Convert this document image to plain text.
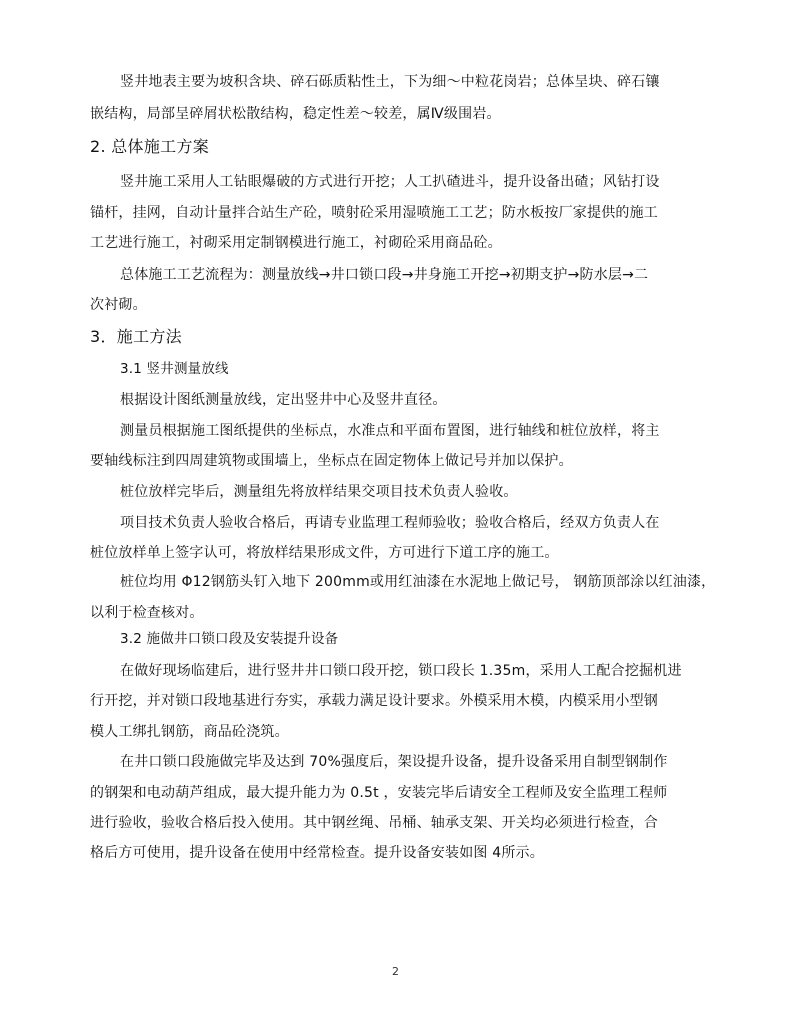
竖井地表主要为坡积含块、碎石砾质粘性土，下为细～中粒花岗岩；总体呈块、碎石镶
嵌结构，局部呈碎屑状松散结构，稳定性差～较差，属Ⅳ级围岩。
2. 总体施工方案
竖井施工采用人工钻眼爆破的方式进行开挖；人工扒碴进斗，提升设备出碴；风钻打设
锚杆，挂网，自动计量拌合站生产砼，喷射砼采用湿喷施工工艺；防水板按厂家提供的施工
工艺进行施工，衬砌采用定制钢模进行施工，衬砌砼采用商品砼。
总体施工工艺流程为：测量放线→井口锁口段→井身施工开挖→初期支护→防水层→二
次衬砌。
3．施工方法
3.1 竖井测量放线
根据设计图纸测量放线，定出竖井中心及竖井直径。
测量员根据施工图纸提供的坐标点，水准点和平面布置图，进行轴线和桩位放样，将主
要轴线标注到四周建筑物或围墙上，坐标点在固定物体上做记号并加以保护。
桩位放样完毕后，测量组先将放样结果交项目技术负责人验收。
项目技术负责人验收合格后，再请专业监理工程师验收；验收合格后，经双方负责人在
桩位放样单上签字认可，将放样结果形成文件，方可进行下道工序的施工。
桩位均用 Φ12钢筋头钉入地下 200mm或用红油漆在水泥地上做记号， 钢筋顶部涂以红油漆，
以利于检查核对。
3.2 施做井口锁口段及安装提升设备
在做好现场临建后，进行竖井井口锁口段开挖，锁口段长 1.35m，采用人工配合挖掘机进
行开挖，并对锁口段地基进行夯实，承载力满足设计要求。外模采用木模，内模采用小型钢
模人工绑扎钢筋，商品砼浇筑。
在井口锁口段施做完毕及达到 70%强度后，架设提升设备，提升设备采用自制型钢制作
的钢架和电动葫芦组成，最大提升能力为 0.5t ，安装完毕后请安全工程师及安全监理工程师
进行验收，验收合格后投入使用。其中钢丝绳、吊桶、轴承支架、开关均必须进行检查，合
格后方可使用，提升设备在使用中经常检查。提升设备安装如图 4所示。
2
